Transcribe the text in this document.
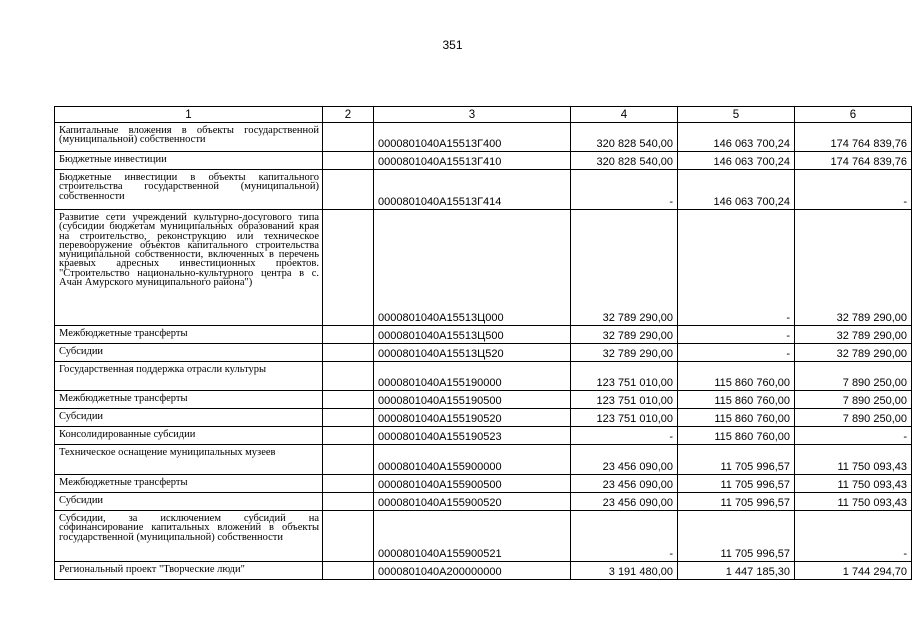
351
1	2	3	4	5	6
Капитальные вложения в объекты государственной (муниципальной) собственности		0000801040А15513Г400	320 828 540,00	146 063 700,24	174 764 839,76
Бюджетные инвестиции		0000801040А15513Г410	320 828 540,00	146 063 700,24	174 764 839,76
Бюджетные инвестиции в объекты капитального строительства государственной (муниципальной) собственности		0000801040А15513Г414	-	146 063 700,24	-
Развитие сети учреждений культурно-досугового типа (субсидии бюджетам муниципальных образований края на строительство, реконструкцию или техническое перевооружение объектов капитального строительства муниципальной собственности, включенных в перечень краевых адресных инвестиционных проектов. "Строительство национально-культурного центра в с. Ачан Амурского муниципального района")		0000801040А15513Ц000	32 789 290,00	-	32 789 290,00
Межбюджетные трансферты		0000801040А15513Ц500	32 789 290,00	-	32 789 290,00
Субсидии		0000801040А15513Ц520	32 789 290,00	-	32 789 290,00
Государственная поддержка отрасли культуры		0000801040А155190000	123 751 010,00	115 860 760,00	7 890 250,00
Межбюджетные трансферты		0000801040А155190500	123 751 010,00	115 860 760,00	7 890 250,00
Субсидии		0000801040А155190520	123 751 010,00	115 860 760,00	7 890 250,00
Консолидированные субсидии		0000801040А155190523	-	115 860 760,00	-
Техническое оснащение муниципальных музеев		0000801040А155900000	23 456 090,00	11 705 996,57	11 750 093,43
Межбюджетные трансферты		0000801040А155900500	23 456 090,00	11 705 996,57	11 750 093,43
Субсидии		0000801040А155900520	23 456 090,00	11 705 996,57	11 750 093,43
Субсидии, за исключением субсидий на софинансирование капитальных вложений в объекты государственной (муниципальной) собственности		0000801040А155900521	-	11 705 996,57	-
Региональный проект "Творческие люди"		0000801040А200000000	3 191 480,00	1 447 185,30	1 744 294,70
